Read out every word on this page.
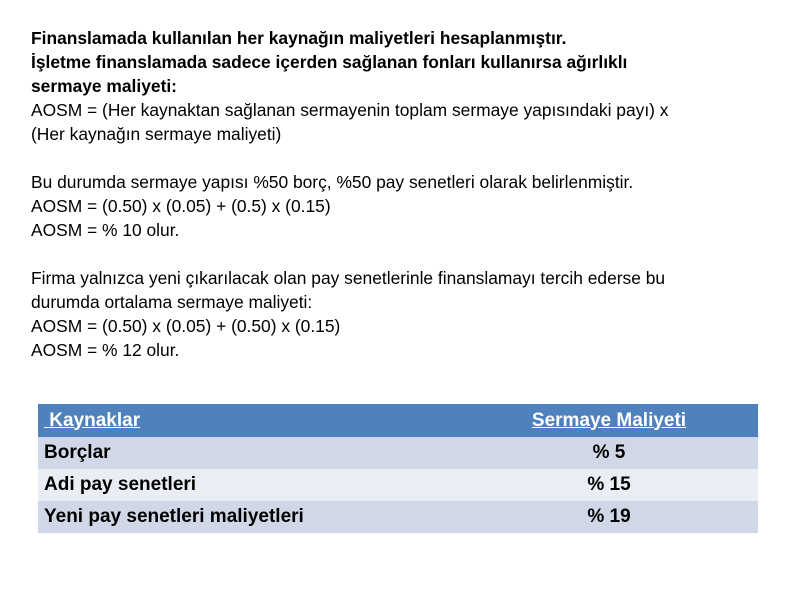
Finanslamada kullanılan her kaynağın maliyetleri hesaplanmıştır.

İşletme finanslamada sadece içerden sağlanan fonları kullanırsa ağırlıklı

sermaye maliyeti:

AOSM = (Her kaynaktan sağlanan sermayenin toplam sermaye yapısındaki payı) x

(Her kaynağın sermaye maliyeti)

Bu durumda sermaye yapısı %50 borç, %50 pay senetleri olarak belirlenmiştir.

AOSM = (0.50) x (0.05) + (0.5) x (0.15)

AOSM = % 10 olur.

Firma yalnızca yeni çıkarılacak olan pay senetlerinle finanslamayı tercih ederse bu

durumda ortalama sermaye maliyeti:

AOSM = (0.50) x (0.05) + (0.50) x (0.15)

AOSM = % 12 olur.

Kaynaklar	Sermaye Maliyeti
Borçlar	% 5
Adi pay senetleri	% 15
Yeni pay senetleri maliyetleri	% 19
